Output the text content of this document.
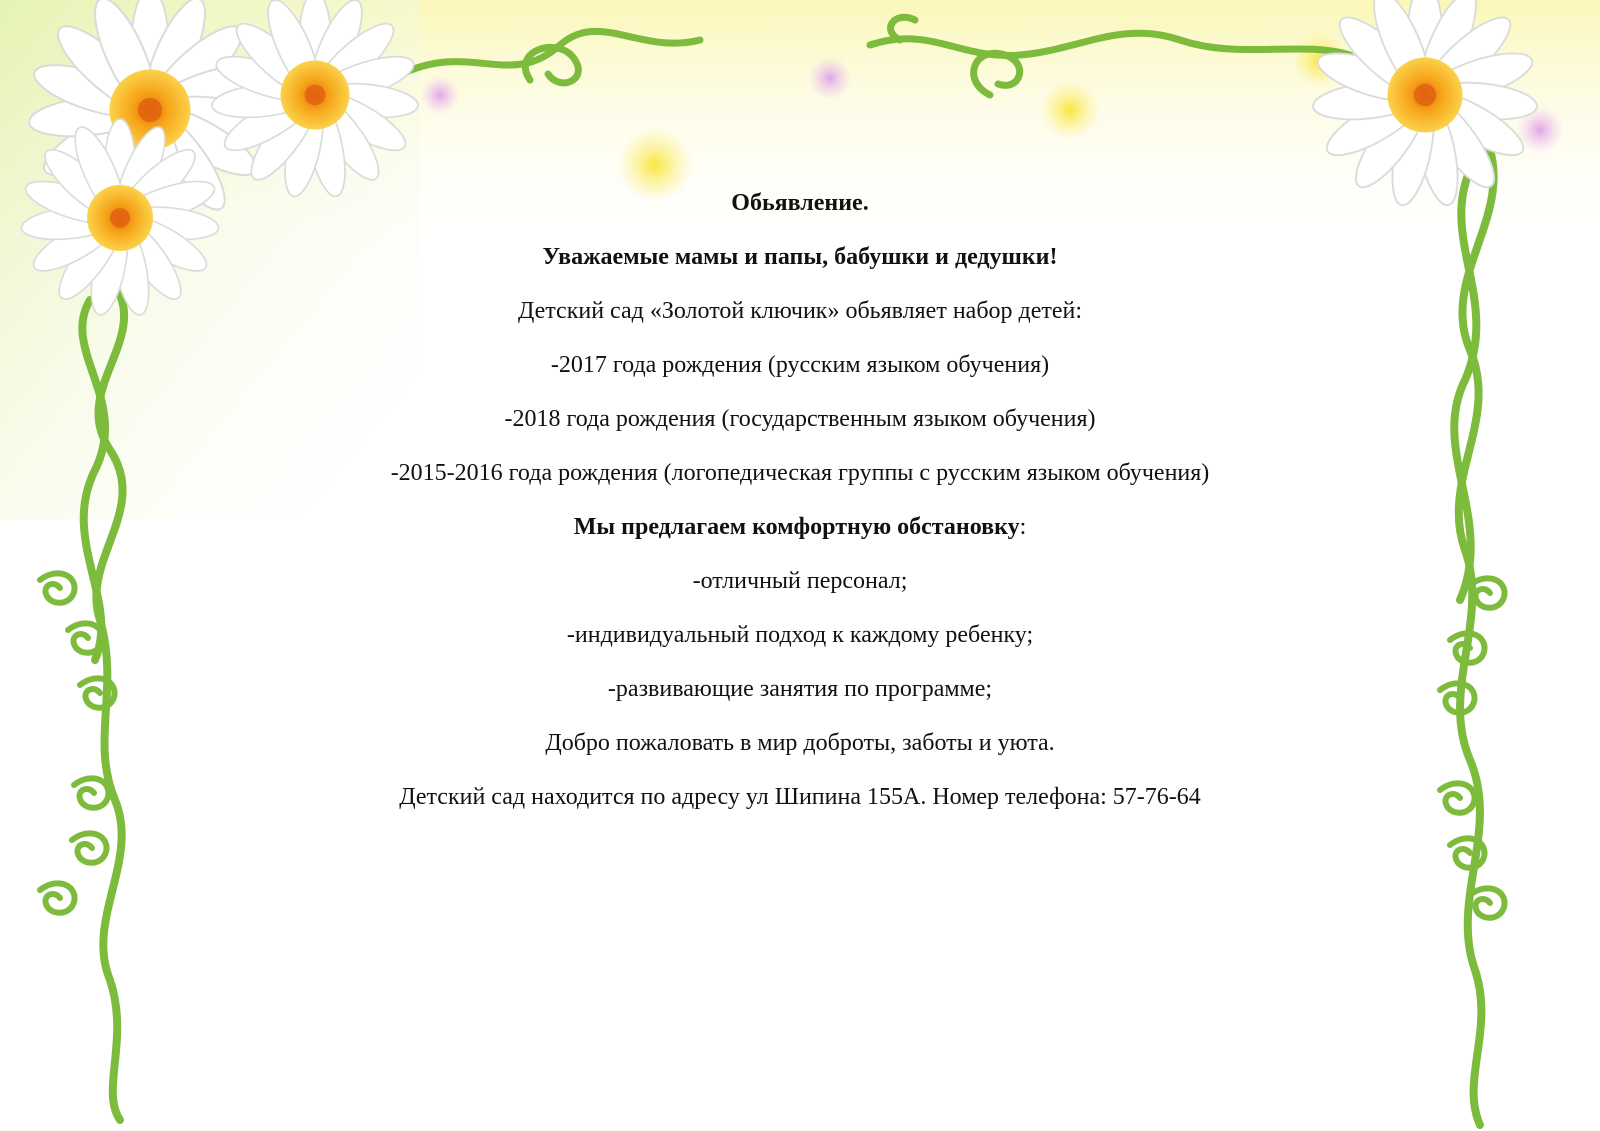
Обьявление.
Уважаемые мамы и папы, бабушки и дедушки!
Детский сад «Золотой ключик» обьявляет набор детей:
-2017 года рождения (русским языком обучения)
-2018 года рождения (государственным языком обучения)
-2015-2016 года рождения (логопедическая группы с русским языком обучения)
Мы предлагаем комфортную обстановку:
-отличный персонал;
-индивидуальный подход к каждому ребенку;
-развивающие занятия по программе;
Добро пожаловать в мир доброты, заботы и уюта.
Детский сад находится по адресу ул Шипина 155А. Номер телефона: 57-76-64
